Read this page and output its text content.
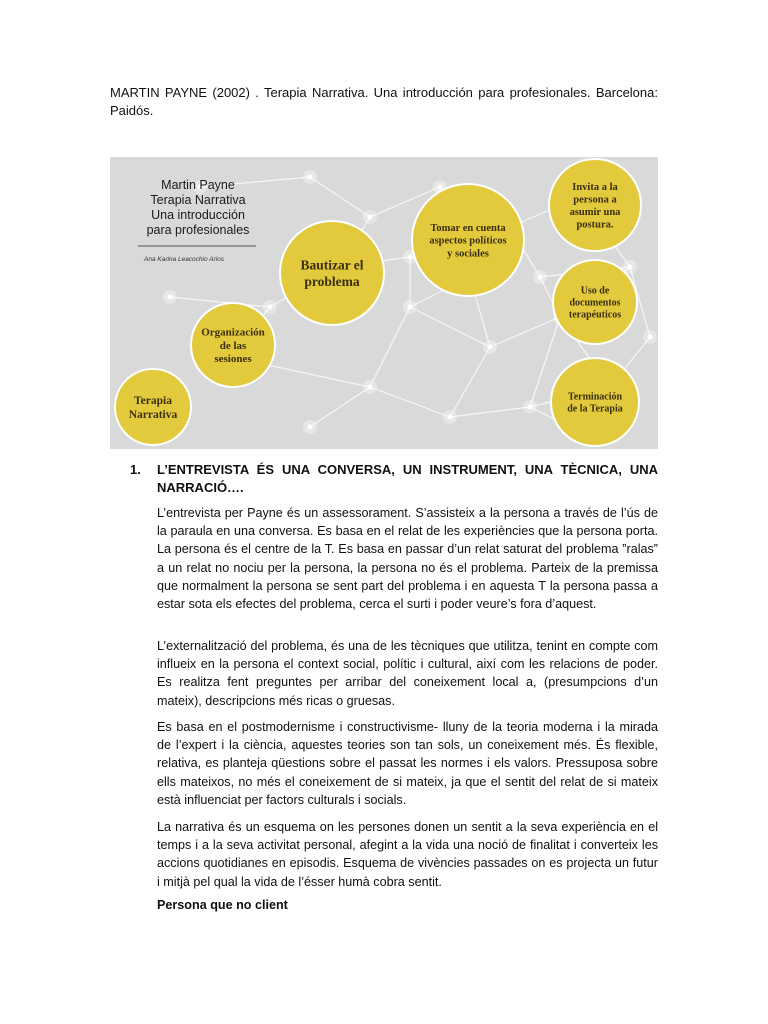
MARTIN PAYNE (2002) . Terapia Narrativa. Una introducción para profesionales. Barcelona: Paidós.
Martin Payne
Terapia Narrativa
Una introducción
para profesionales
Ana Karina Leacochio Arios
Terapia
Narrativa
Organización
de las
sesiones
Bautizar el
problema
Tomar en cuenta
aspectos políticos
y sociales
Invita a la
persona a
asumir una
postura.
Uso de
documentos
terapéuticos
Terminación
de la Terapia
1. L’ENTREVISTA ÉS UNA CONVERSA, UN INSTRUMENT, UNA TÈCNICA, UNA NARRACIÓ….

L’entrevista per Payne és un assessorament. S’assisteix a la persona a través de l’ús de la paraula en una conversa. Es basa en el relat de les experiències que la persona porta. La persona és el centre de la T. Es basa en passar d’un relat saturat del problema ”ralas” a un relat no nociu per la persona, la persona no és el problema. Parteix de la premissa que normalment la persona se sent part del problema i en aquesta T la persona passa a estar sota els efectes del problema, cerca el surti i poder veure’s fora d’aquest.

L’externalització del problema, és una de les tècniques que utilitza, tenint en compte com influeix en la persona el context social, polític i cultural, així com les relacions de poder. Es realitza fent preguntes per arribar del coneixement local a, (presumpcions d’un mateix), descripcions més ricas o gruesas.

Es basa en el postmodernisme i constructivisme- lluny de la teoria moderna i la mirada de l’expert i la ciència, aquestes teories son tan sols, un coneixement més. És flexible, relativa, es planteja qüestions sobre el passat les normes i els valors. Pressuposa sobre ells mateixos, no més el coneixement de si mateix, ja que el sentit del relat de si mateix està influenciat per factors culturals i socials.

La narrativa és un esquema on les persones donen un sentit a la seva experiència en el temps i a la seva activitat personal, afegint a la vida una noció de finalitat i converteix les accions quotidianes en episodis. Esquema de vivències passades on es projecta un futur i mitjà pel qual la vida de l’ésser humà cobra sentit.

Persona que no client
